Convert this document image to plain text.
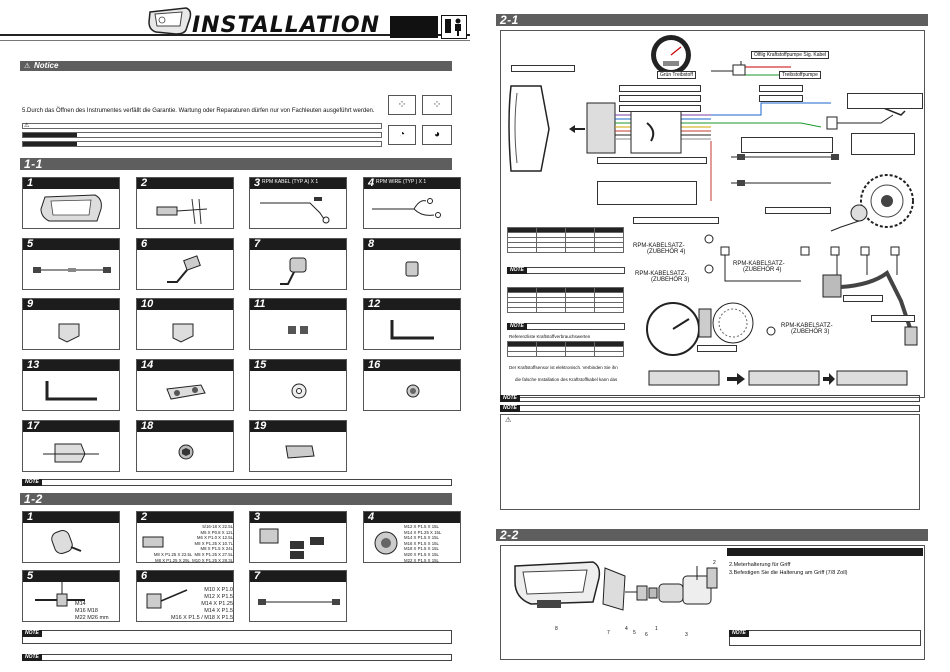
INSTALLATION
⚠ Notice
5.Durch das Öffnen des Instrumentes verfällt die Garantie. Wartung oder Reparaturen dürfen nur von Fachleuten ausgeführt werden.	⁘	⁘
⚠
◔	◕
1-1
1	2	3 RPM KABEL (TYP A) X 1	4 RPM WIRE (TYP ) X 1
5	6	7	8
9	10	11	12
13	14	15	16
17	18	19
NOTE
1-2
1	2
5/16-18 X 22.5L
M5 X P0.8 X 12L
M6 X P1.0 X 12.5L
M8 X P1.25 X 10.7L
M8 X P1.5 X 24L
M8 X P1.25 X 22.5L  M8 X P1.25 X 27.5L
M8 X P1.25 X 29L  M10 X P1.25 X 28.3L
3	4
M12 X P1.5 X 15L
M14 X P1.25 X 15L
M14 X P1.5 X 15L
M16 X P1.5 X 15L
M18 X P1.5 X 15L
M20 X P1.5 X 15L
M22 X P1.5 X 15L
5
M14
M16 M18
M22 M26 mm
6
M10 X P1.0
M12 X P1.5
M14 X P1.25
M14 X P1.5
M16 X P1.5 / M18 X P1.5
7
NOTE
NOTE
2-1
Ölfilg Kraftstoffpumpe Sig. Kabel
Grün Treibstoff	Treibstoffpumpe
RPM-KABELSATZ-
(ZUBEHÖR 4)
RPM-KABELSATZ-
(ZUBEHÖR 3)
RPM-KABELSATZ-
(ZUBEHÖR 4)
RPM-KABELSATZ-
(ZUBEHÖR 3)

NOTE

NOTE
Referenzliste Kraftstoffverbrauchswerten

Der Kraftstoffsensor ist elektronisch. Verbinden Sie ihn
die falsche Installation des Kraftstoffkabel kann das
NOTE
NOTE
⚠
2-2
8
7
4
5 6
1
3
2 2.Meterhalterung für Griff
3.Befestigen Sie die Halterung am Griff (7/8 Zoll)
NOTE
